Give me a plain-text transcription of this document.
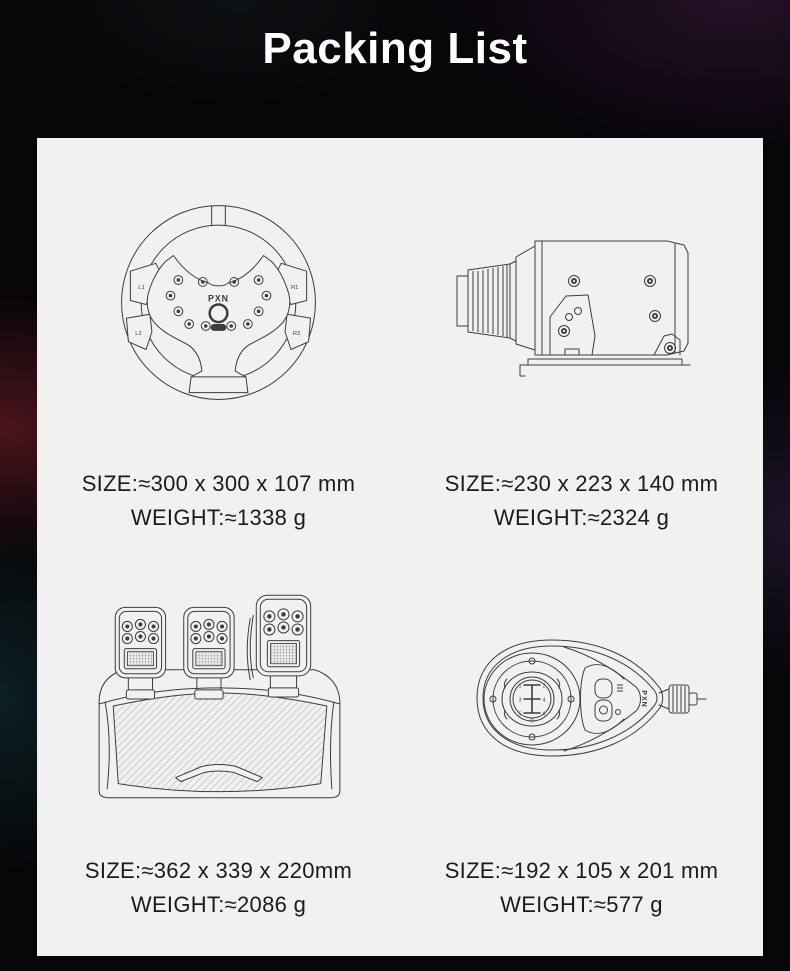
Packing List
L1
L2
R1
R2
PXN
SIZE:≈300 x 300 x 107 mm
WEIGHT:≈1338 g
SIZE:≈230 x 223 x 140 mm
WEIGHT:≈2324 g
SIZE:≈362 x 339 x 220mm
WEIGHT:≈2086 g
1	2
3	4
5	6
R
PXN
SIZE:≈192 x 105 x 201 mm
WEIGHT:≈577 g
